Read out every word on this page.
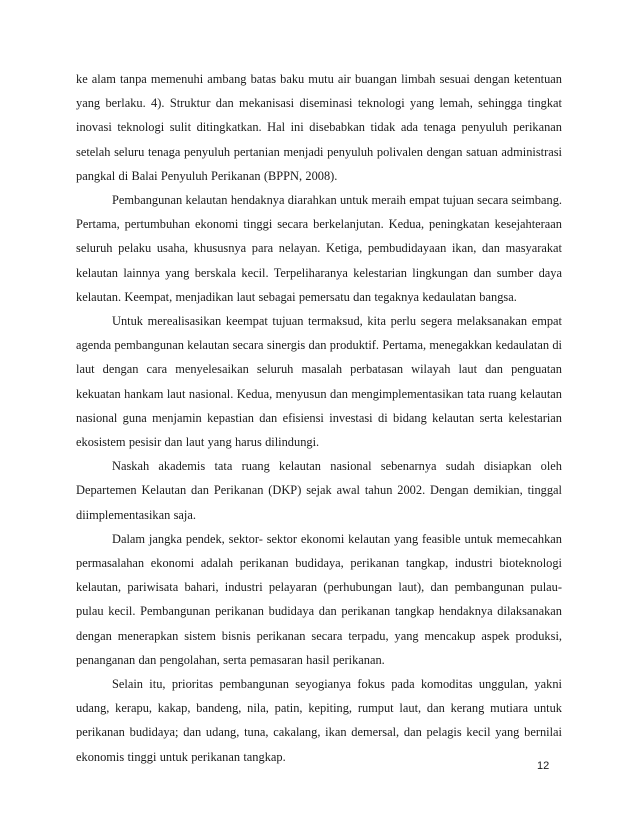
ke alam tanpa memenuhi ambang batas baku mutu air buangan limbah sesuai dengan ketentuan yang berlaku. 4). Struktur dan mekanisasi diseminasi teknologi yang lemah, sehingga tingkat inovasi teknologi sulit ditingkatkan. Hal ini disebabkan tidak ada tenaga penyuluh perikanan setelah seluru tenaga penyuluh pertanian menjadi penyuluh polivalen dengan satuan administrasi pangkal di Balai Penyuluh Perikanan (BPPN, 2008).

Pembangunan kelautan hendaknya diarahkan untuk meraih empat tujuan secara seimbang. Pertama, pertumbuhan ekonomi tinggi secara berkelanjutan. Kedua, peningkatan kesejahteraan seluruh pelaku usaha, khususnya para nelayan. Ketiga, pembudidayaan ikan, dan masyarakat kelautan lainnya yang berskala kecil. Terpeliharanya kelestarian lingkungan dan sumber daya kelautan. Keempat, menjadikan laut sebagai pemersatu dan tegaknya kedaulatan bangsa.

Untuk merealisasikan keempat tujuan termaksud, kita perlu segera melaksanakan empat agenda pembangunan kelautan secara sinergis dan produktif. Pertama, menegakkan kedaulatan di laut dengan cara menyelesaikan seluruh masalah perbatasan wilayah laut dan penguatan kekuatan hankam laut nasional. Kedua, menyusun dan mengimplementasikan tata ruang kelautan nasional guna menjamin kepastian dan efisiensi investasi di bidang kelautan serta kelestarian ekosistem pesisir dan laut yang harus dilindungi.

Naskah akademis tata ruang kelautan nasional sebenarnya sudah disiapkan oleh Departemen Kelautan dan Perikanan (DKP) sejak awal tahun 2002. Dengan demikian, tinggal diimplementasikan saja.

Dalam jangka pendek, sektor- sektor ekonomi kelautan yang feasible untuk memecahkan permasalahan ekonomi adalah perikanan budidaya, perikanan tangkap, industri bioteknologi kelautan, pariwisata bahari, industri pelayaran (perhubungan laut), dan pembangunan pulau-pulau kecil. Pembangunan perikanan budidaya dan perikanan tangkap hendaknya dilaksanakan dengan menerapkan sistem bisnis perikanan secara terpadu, yang mencakup aspek produksi, penanganan dan pengolahan, serta pemasaran hasil perikanan.

Selain itu, prioritas pembangunan seyogianya fokus pada komoditas unggulan, yakni udang, kerapu, kakap, bandeng, nila, patin, kepiting, rumput laut, dan kerang mutiara untuk perikanan budidaya; dan udang, tuna, cakalang, ikan demersal, dan pelagis kecil yang bernilai ekonomis tinggi untuk perikanan tangkap.

12
